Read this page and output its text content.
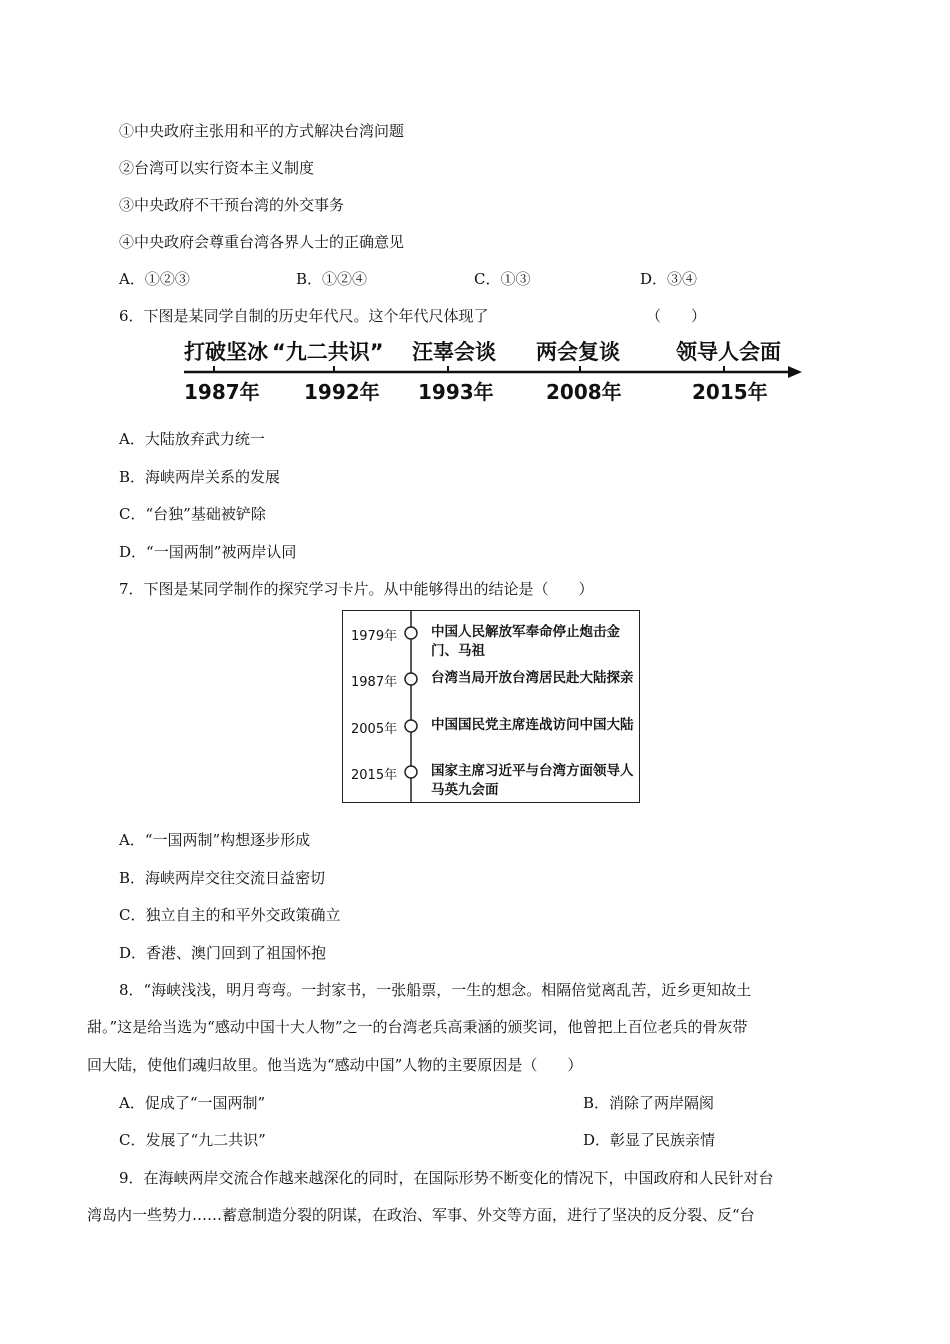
①中央政府主张用和平的方式解决台湾问题
②台湾可以实行资本主义制度
③中央政府不干预台湾的外交事务
④中央政府会尊重台湾各界人士的正确意见
A．①②③	B．①②④	C．①③	D．③④
6．下图是某同学自制的历史年代尺。这个年代尺体现了	（　　）
打破坚冰 “九二共识” 汪辜会谈 两会复谈	领导人会面
1987年 1992年 1993年	2008年	2015年
A．大陆放弃武力统一
B．海峡两岸关系的发展
C．“台独”基础被铲除
D．“一国两制”被两岸认同
7．下图是某同学制作的探究学习卡片。从中能够得出的结论是（　　）
1979年	中国人民解放军奉命停止炮击金门、马祖
1987年	台湾当局开放台湾居民赴大陆探亲
2005年	中国国民党主席连战访问中国大陆
2015年	国家主席习近平与台湾方面领导人马英九会面
A．“一国两制”构想逐步形成
B．海峡两岸交往交流日益密切
C．独立自主的和平外交政策确立
D．香港、澳门回到了祖国怀抱
8．“海峡浅浅，明月弯弯。一封家书，一张船票，一生的想念。相隔倍觉离乱苦，近乡更知故土
甜。”这是给当选为“感动中国十大人物”之一的台湾老兵高秉涵的颁奖词，他曾把上百位老兵的骨灰带
回大陆，使他们魂归故里。他当选为“感动中国”人物的主要原因是（　　）
A．促成了“一国两制”	B．消除了两岸隔阂
C．发展了“九二共识”	D．彰显了民族亲情
9．在海峡两岸交流合作越来越深化的同时，在国际形势不断变化的情况下，中国政府和人民针对台
湾岛内一些势力……蓄意制造分裂的阴谋，在政治、军事、外交等方面，进行了坚决的反分裂、反“台
